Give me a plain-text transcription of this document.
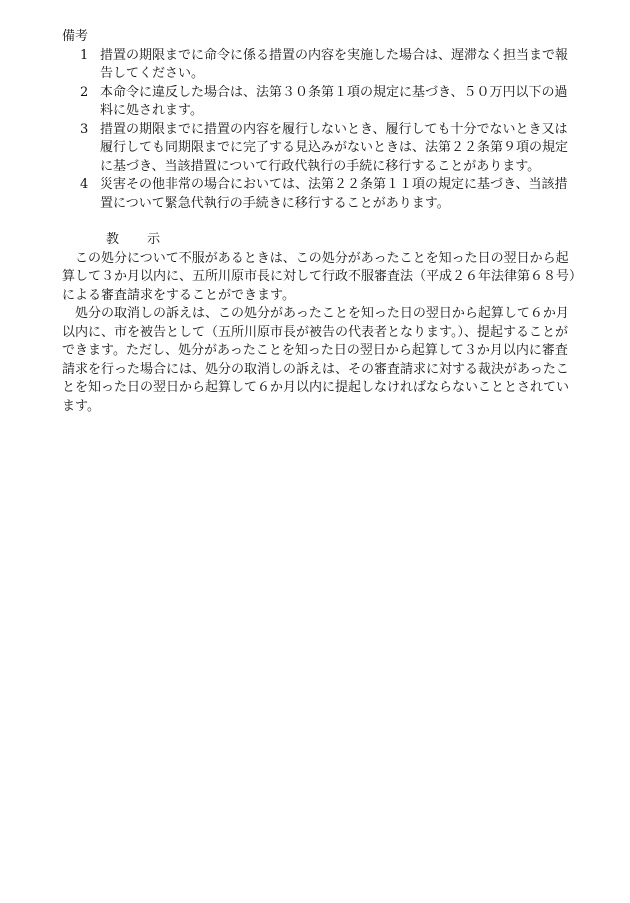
備考
1 措置の期限までに命令に係る措置の内容を実施した場合は、遅滞なく担当まで報告してください。
2 本命令に違反した場合は、法第３０条第１項の規定に基づき、５０万円以下の過料に処されます。
3 措置の期限までに措置の内容を履行しないとき、履行しても十分でないとき又は履行しても同期限までに完了する見込みがないときは、法第２２条第９項の規定に基づき、当該措置について行政代執行の手続に移行することがあります。
4 災害その他非常の場合においては、法第２２条第１１項の規定に基づき、当該措置について緊急代執行の手続きに移行することがあります。
教 示

この処分について不服があるときは、この処分があったことを知った日の翌日から起算して３か月以内に、五所川原市長に対して行政不服審査法（平成２６年法律第６８号）による審査請求をすることができます。

処分の取消しの訴えは、この処分があったことを知った日の翌日から起算して６か月以内に、市を被告として（五所川原市長が被告の代表者となります。）、提起することができます。ただし、処分があったことを知った日の翌日から起算して３か月以内に審査請求を行った場合には、処分の取消しの訴えは、その審査請求に対する裁決があったことを知った日の翌日から起算して６か月以内に提起しなければならないこととされています。
